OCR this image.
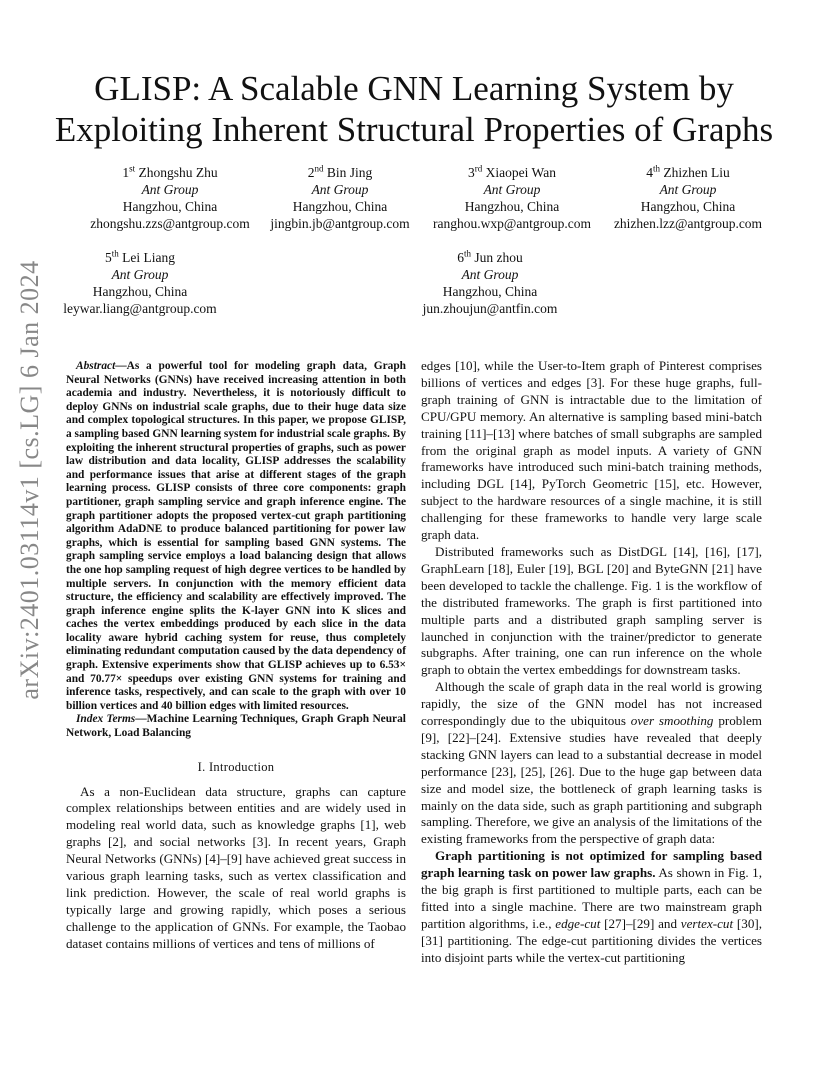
GLISP: A Scalable GNN Learning System by Exploiting Inherent Structural Properties of Graphs
arXiv:2401.03114v1 [cs.LG] 6 Jan 2024
1st Zhongshu Zhu
Ant Group
Hangzhou, China
zhongshu.zzs@antgroup.com
2nd Bin Jing
Ant Group
Hangzhou, China
jingbin.jb@antgroup.com
3rd Xiaopei Wan
Ant Group
Hangzhou, China
ranghou.wxp@antgroup.com
4th Zhizhen Liu
Ant Group
Hangzhou, China
zhizhen.lzz@antgroup.com
5th Lei Liang
Ant Group
Hangzhou, China
leywar.liang@antgroup.com
6th Jun zhou
Ant Group
Hangzhou, China
jun.zhoujun@antfin.com

Abstract—As a powerful tool for modeling graph data, Graph Neural Networks (GNNs) have received increasing attention in both academia and industry. Nevertheless, it is notoriously difficult to deploy GNNs on industrial scale graphs, due to their huge data size and complex topological structures. In this paper, we propose GLISP, a sampling based GNN learning system for industrial scale graphs. By exploiting the inherent structural properties of graphs, such as power law distribution and data locality, GLISP addresses the scalability and performance issues that arise at different stages of the graph learning process. GLISP consists of three core components: graph partitioner, graph sampling service and graph inference engine. The graph partitioner adopts the proposed vertex-cut graph partitioning algorithm AdaDNE to produce balanced partitioning for power law graphs, which is essential for sampling based GNN systems. The graph sampling service employs a load balancing design that allows the one hop sampling request of high degree vertices to be handled by multiple servers. In conjunction with the memory efficient data structure, the efficiency and scalability are effectively improved. The graph inference engine splits the K-layer GNN into K slices and caches the vertex embeddings produced by each slice in the data locality aware hybrid caching system for reuse, thus completely eliminating redundant computation caused by the data dependency of graph. Extensive experiments show that GLISP achieves up to 6.53× and 70.77× speedups over existing GNN systems for training and inference tasks, respectively, and can scale to the graph with over 10 billion vertices and 40 billion edges with limited resources.

Index Terms—Machine Learning Techniques, Graph Graph Neural Network, Load Balancing

I. Introduction

As a non-Euclidean data structure, graphs can capture complex relationships between entities and are widely used in modeling real world data, such as knowledge graphs [1], web graphs [2], and social networks [3]. In recent years, Graph Neural Networks (GNNs) [4]–[9] have achieved great success in various graph learning tasks, such as vertex classification and link prediction. However, the scale of real world graphs is typically large and growing rapidly, which poses a serious challenge to the application of GNNs. For example, the Taobao dataset contains millions of vertices and tens of millions of

edges [10], while the User-to-Item graph of Pinterest comprises billions of vertices and edges [3]. For these huge graphs, full-graph training of GNN is intractable due to the limitation of CPU/GPU memory. An alternative is sampling based mini-batch training [11]–[13] where batches of small subgraphs are sampled from the original graph as model inputs. A variety of GNN frameworks have introduced such mini-batch training methods, including DGL [14], PyTorch Geometric [15], etc. However, subject to the hardware resources of a single machine, it is still challenging for these frameworks to handle very large scale graph data.

Distributed frameworks such as DistDGL [14], [16], [17], GraphLearn [18], Euler [19], BGL [20] and ByteGNN [21] have been developed to tackle the challenge. Fig. 1 is the workflow of the distributed frameworks. The graph is first partitioned into multiple parts and a distributed graph sampling server is launched in conjunction with the trainer/predictor to generate subgraphs. After training, one can run inference on the whole graph to obtain the vertex embeddings for downstream tasks.

Although the scale of graph data in the real world is growing rapidly, the size of the GNN model has not increased correspondingly due to the ubiquitous over smoothing problem [9], [22]–[24]. Extensive studies have revealed that deeply stacking GNN layers can lead to a substantial decrease in model performance [23], [25], [26]. Due to the huge gap between data size and model size, the bottleneck of graph learning tasks is mainly on the data side, such as graph partitioning and subgraph sampling. Therefore, we give an analysis of the limitations of the existing frameworks from the perspective of graph data:

Graph partitioning is not optimized for sampling based graph learning task on power law graphs. As shown in Fig. 1, the big graph is first partitioned to multiple parts, each can be fitted into a single machine. There are two mainstream graph partition algorithms, i.e., edge-cut [27]–[29] and vertex-cut [30], [31] partitioning. The edge-cut partitioning divides the vertices into disjoint parts while the vertex-cut partitioning
